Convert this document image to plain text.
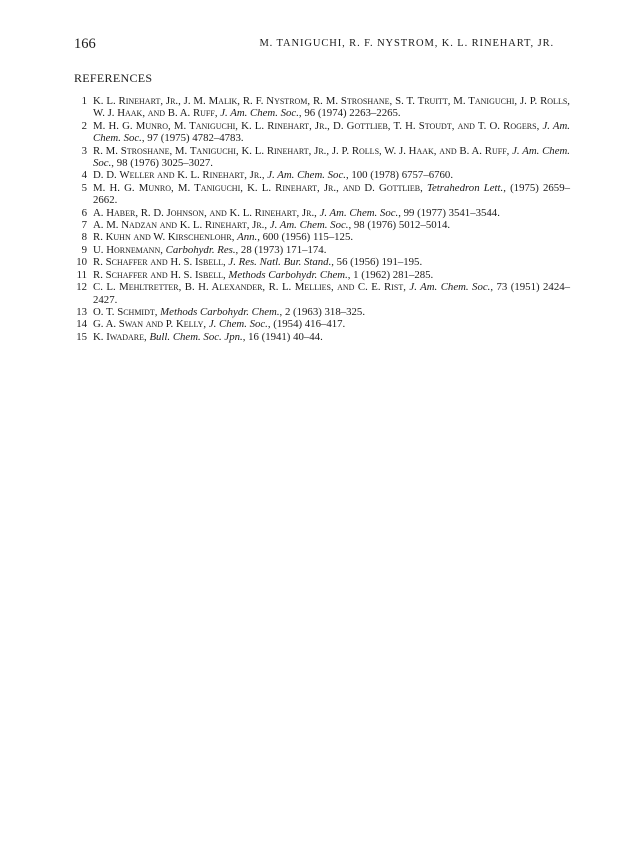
166	M. TANIGUCHI, R. F. NYSTROM, K. L. RINEHART, JR.
REFERENCES
1 K. L. Rinehart, Jr., J. M. Malik, R. F. Nystrom, R. M. Stroshane, S. T. Truitt, M. Taniguchi, J. P. Rolls, W. J. Haak, and B. A. Ruff, J. Am. Chem. Soc., 96 (1974) 2263–2265.
2 M. H. G. Munro, M. Taniguchi, K. L. Rinehart, Jr., D. Gottlieb, T. H. Stoudt, and T. O. Rogers, J. Am. Chem. Soc., 97 (1975) 4782–4783.
3 R. M. Stroshane, M. Taniguchi, K. L. Rinehart, Jr., J. P. Rolls, W. J. Haak, and B. A. Ruff, J. Am. Chem. Soc., 98 (1976) 3025–3027.
4 D. D. Weller and K. L. Rinehart, Jr., J. Am. Chem. Soc., 100 (1978) 6757–6760.
5 M. H. G. Munro, M. Taniguchi, K. L. Rinehart, Jr., and D. Gottlieb, Tetrahedron Lett., (1975) 2659–2662.
6 A. Haber, R. D. Johnson, and K. L. Rinehart, Jr., J. Am. Chem. Soc., 99 (1977) 3541–3544.
7 A. M. Nadzan and K. L. Rinehart, Jr., J. Am. Chem. Soc., 98 (1976) 5012–5014.
8 R. Kuhn and W. Kirschenlohr, Ann., 600 (1956) 115–125.
9 U. Hornemann, Carbohydr. Res., 28 (1973) 171–174.
10 R. Schaffer and H. S. Isbell, J. Res. Natl. Bur. Stand., 56 (1956) 191–195.
11 R. Schaffer and H. S. Isbell, Methods Carbohydr. Chem., 1 (1962) 281–285.
12 C. L. Mehltretter, B. H. Alexander, R. L. Mellies, and C. E. Rist, J. Am. Chem. Soc., 73 (1951) 2424–2427.
13 O. T. Schmidt, Methods Carbohydr. Chem., 2 (1963) 318–325.
14 G. A. Swan and P. Kelly, J. Chem. Soc., (1954) 416–417.
15 K. Iwadare, Bull. Chem. Soc. Jpn., 16 (1941) 40–44.
